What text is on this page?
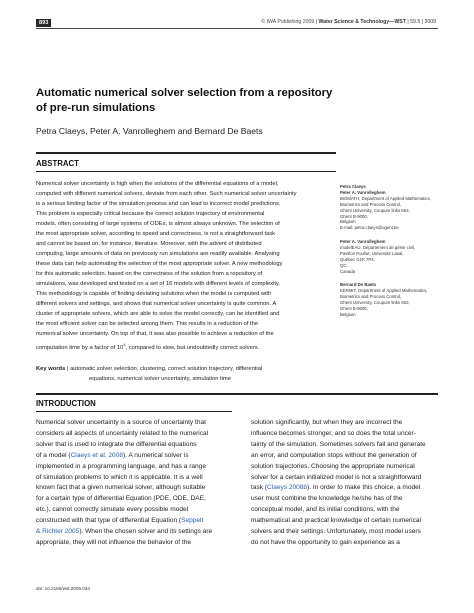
893	© IWA Publishing 2009 | Water Science & Technology—WST | 59.5 | 2009
Automatic numerical solver selection from a repository of pre-run simulations
Petra Claeys, Peter A. Vanrolleghem and Bernard De Baets
ABSTRACT
Numerical solver uncertainty is high when the solutions of the differential equations of a model,
computed with different numerical solvers, deviate from each other. Such numerical solver uncertainty
is a serious limiting factor of the simulation process and can lead to incorrect model predictions.
This problem is especially critical because the correct solution trajectory of environmental
models, often consisting of large systems of ODEs, is almost always unknown. The selection of
the most appropriate solver, according to speed and correctness, is not a straightforward task
and cannot be based on, for instance, literature. Moreover, with the advent of distributed
computing, large amounts of data on previously run simulations are readily available. Analysing
these data can help automating the selection of the most appropriate solver. A new methodology
for this automatic selection, based on the correctness of the solution from a repository of
simulations, was developed and tested on a set of 16 models with different levels of complexity.
This methodology is capable of finding deviating solutions when the model is computed with
different solvers and settings, and shows that numerical solver uncertainty is quite common. A
cluster of appropriate solvers, which are able to solve the model correctly, can be identified and
the most efficient solver can be selected among them. This results in a reduction of the
numerical solver uncertainty. On top of that, it was also possible to achieve a reduction of the
computation time by a factor of $10^4$, compared to slow, but undoubtedly correct solvers.
Key words | automatic solver selection, clustering, correct solution trajectory, differential
equations, numerical solver uncertainty, simulation time
Petra Claeys
Peter A. Vanrolleghem
BIOMATH, Department of Applied Mathematics,
Biometrics and Process Control,
Ghent University, Coupure links 653,
Ghent B-9000,
Belgium
E-mail: petra.claeys@ugent.be
Peter A. Vanrolleghem
modelEAU, Département de génie civil,
Pavillon Pouliot, Université Laval,
Québec G1K 7P4,
QC,
Canada
Bernard De Baets
KERMIT, Department of Applied Mathematics,
Biometrics and Process Control,
Ghent University, Coupure links 653,
Ghent B-9000,
Belgium
INTRODUCTION
Numerical solver uncertainty is a source of uncertainty that
considers all aspects of uncertainty related to the numerical
solver that is used to integrate the differential equations
of a model (Claeys et al. 2008). A numerical solver is
implemented in a programming language, and has a range
of simulation problems to which it is applicable. It is a well
known fact that a given numerical solver, although suitable
for a certain type of differential Equation (PDE, ODE, DAE,
etc.), cannot correctly simulate every possible model
constructed with that type of differential Equation (Seppelt
& Richter 2005). When the chosen solver and its settings are
appropriate, they will not influence the behavior of the
solution significantly, but when they are incorrect the
influence becomes stronger, and so does the total uncer-
tainty of the simulation. Sometimes solvers fail and generate
an error, and computation stops without the generation of
solution trajectories. Choosing the appropriate numerical
solver for a certain initialized model is not a straightforward
task (Claeys 2008b). In order to make this choice, a model
user must combine the knowledge he/she has of the
conceptual model, and its initial conditions, with the
mathematical and practical knowledge of certain numerical
solvers and their settings. Unfortunately, most model users
do not have the opportunity to gain experience as a
doi: 10.2166/wst.2009.034
